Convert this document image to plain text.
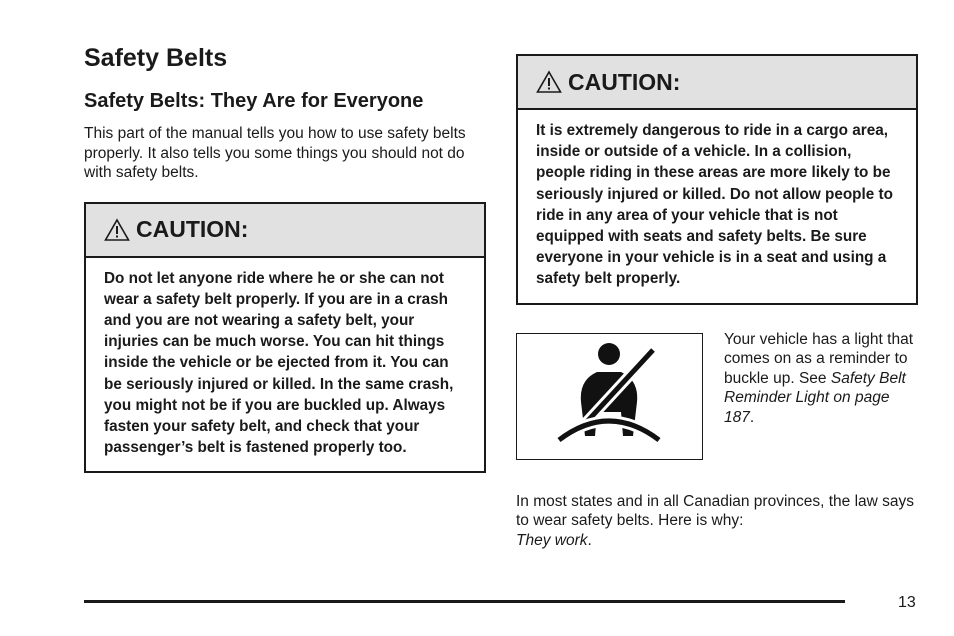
Safety Belts
Safety Belts: They Are for Everyone

This part of the manual tells you how to use safety belts properly. It also tells you some things you should not do with safety belts.

CAUTION:
Do not let anyone ride where he or she can not wear a safety belt properly. If you are in a crash and you are not wearing a safety belt, your injuries can be much worse. You can hit things inside the vehicle or be ejected from it. You can be seriously injured or killed. In the same crash, you might not be if you are buckled up. Always fasten your safety belt, and check that your passenger’s belt is fastened properly too.
CAUTION:
It is extremely dangerous to ride in a cargo area, inside or outside of a vehicle. In a collision, people riding in these areas are more likely to be seriously injured or killed. Do not allow people to ride in any area of your vehicle that is not equipped with seats and safety belts. Be sure everyone in your vehicle is in a seat and using a safety belt properly.
Your vehicle has a light that comes on as a reminder to buckle up. See Safety Belt Reminder Light on page 187.
In most states and in all Canadian provinces, the law says to wear safety belts. Here is why:
They work.
13
